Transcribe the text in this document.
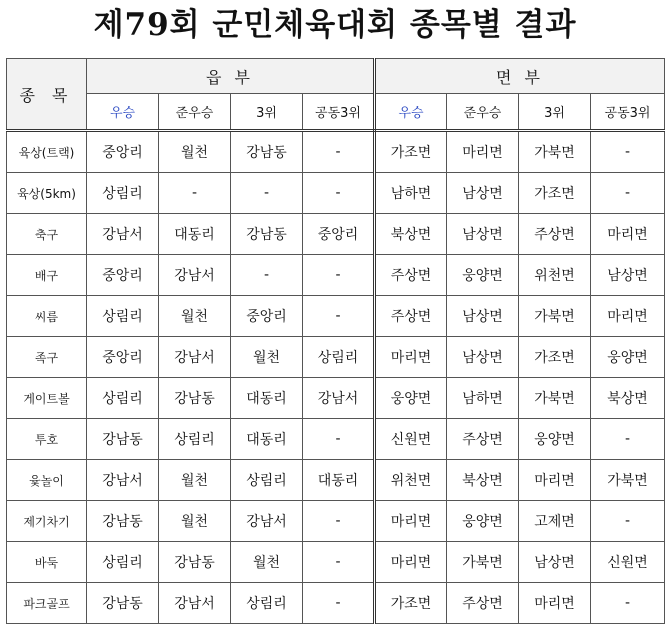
제79회 군민체육대회 종목별 결과
종 목	읍 부				면 부			
	우승	준우승	3위	공동3위	우승	준우승	3위	공동3위
육상(트랙)	중앙리	월천	강남동	-	가조면	마리면	가북면	-
육상(5km)	상림리	-	-	-	남하면	남상면	가조면	-
축구	강남서	대동리	강남동	중앙리	북상면	남상면	주상면	마리면
배구	중앙리	강남서	-	-	주상면	웅양면	위천면	남상면
씨름	상림리	월천	중앙리	-	주상면	남상면	가북면	마리면
족구	중앙리	강남서	월천	상림리	마리면	남상면	가조면	웅양면
게이트볼	상림리	강남동	대동리	강남서	웅양면	남하면	가북면	북상면
투호	강남동	상림리	대동리	-	신원면	주상면	웅양면	-
윷놀이	강남서	월천	상림리	대동리	위천면	북상면	마리면	가북면
제기차기	강남동	월천	강남서	-	마리면	웅양면	고제면	-
바둑	상림리	강남동	월천	-	마리면	가북면	남상면	신원면
파크골프	강남동	강남서	상림리	-	가조면	주상면	마리면	-
